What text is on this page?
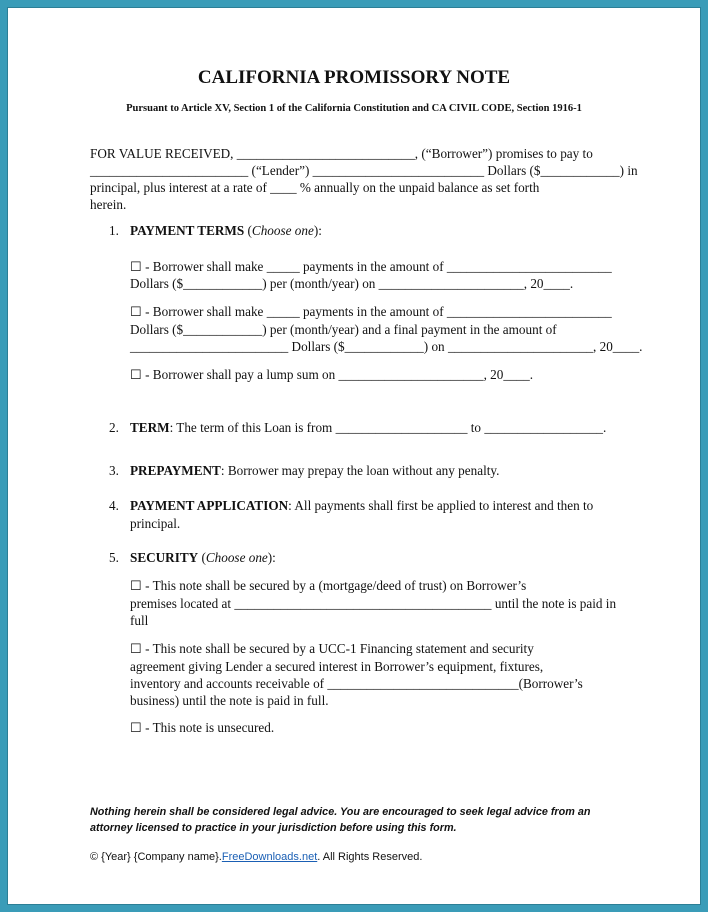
CALIFORNIA PROMISSORY NOTE
Pursuant to Article XV, Section 1 of the California Constitution and CA CIVIL CODE, Section 1916-1
FOR VALUE RECEIVED, ___________________________, (“Borrower”) promises to pay to
________________________ (“Lender”) __________________________ Dollars ($____________) in
principal, plus interest at a rate of ____ % annually on the unpaid balance as set forth
herein.
1. PAYMENT TERMS (Choose one):
☐ - Borrower shall make _____ payments in the amount of _________________________
Dollars ($____________) per (month/year) on ______________________, 20____.
☐ - Borrower shall make _____ payments in the amount of _________________________
Dollars ($____________) per (month/year) and a final payment in the amount of
________________________ Dollars ($____________) on ______________________, 20____.
☐ - Borrower shall pay a lump sum on ______________________, 20____.
2. TERM: The term of this Loan is from ____________________ to __________________.
3. PREPAYMENT: Borrower may prepay the loan without any penalty.
4. PAYMENT APPLICATION: All payments shall first be applied to interest and then to
principal.
5. SECURITY (Choose one):
☐ - This note shall be secured by a (mortgage/deed of trust) on Borrower’s
premises located at _______________________________________ until the note is paid in
full
☐ - This note shall be secured by a UCC-1 Financing statement and security
agreement giving Lender a secured interest in Borrower’s equipment, fixtures,
inventory and accounts receivable of _____________________________(Borrower’s
business) until the note is paid in full.
☐ - This note is unsecured.
Nothing herein shall be considered legal advice. You are encouraged to seek legal advice from an
attorney licensed to practice in your jurisdiction before using this form.
© {Year} {Company name}.FreeDownloads.net. All Rights Reserved.
